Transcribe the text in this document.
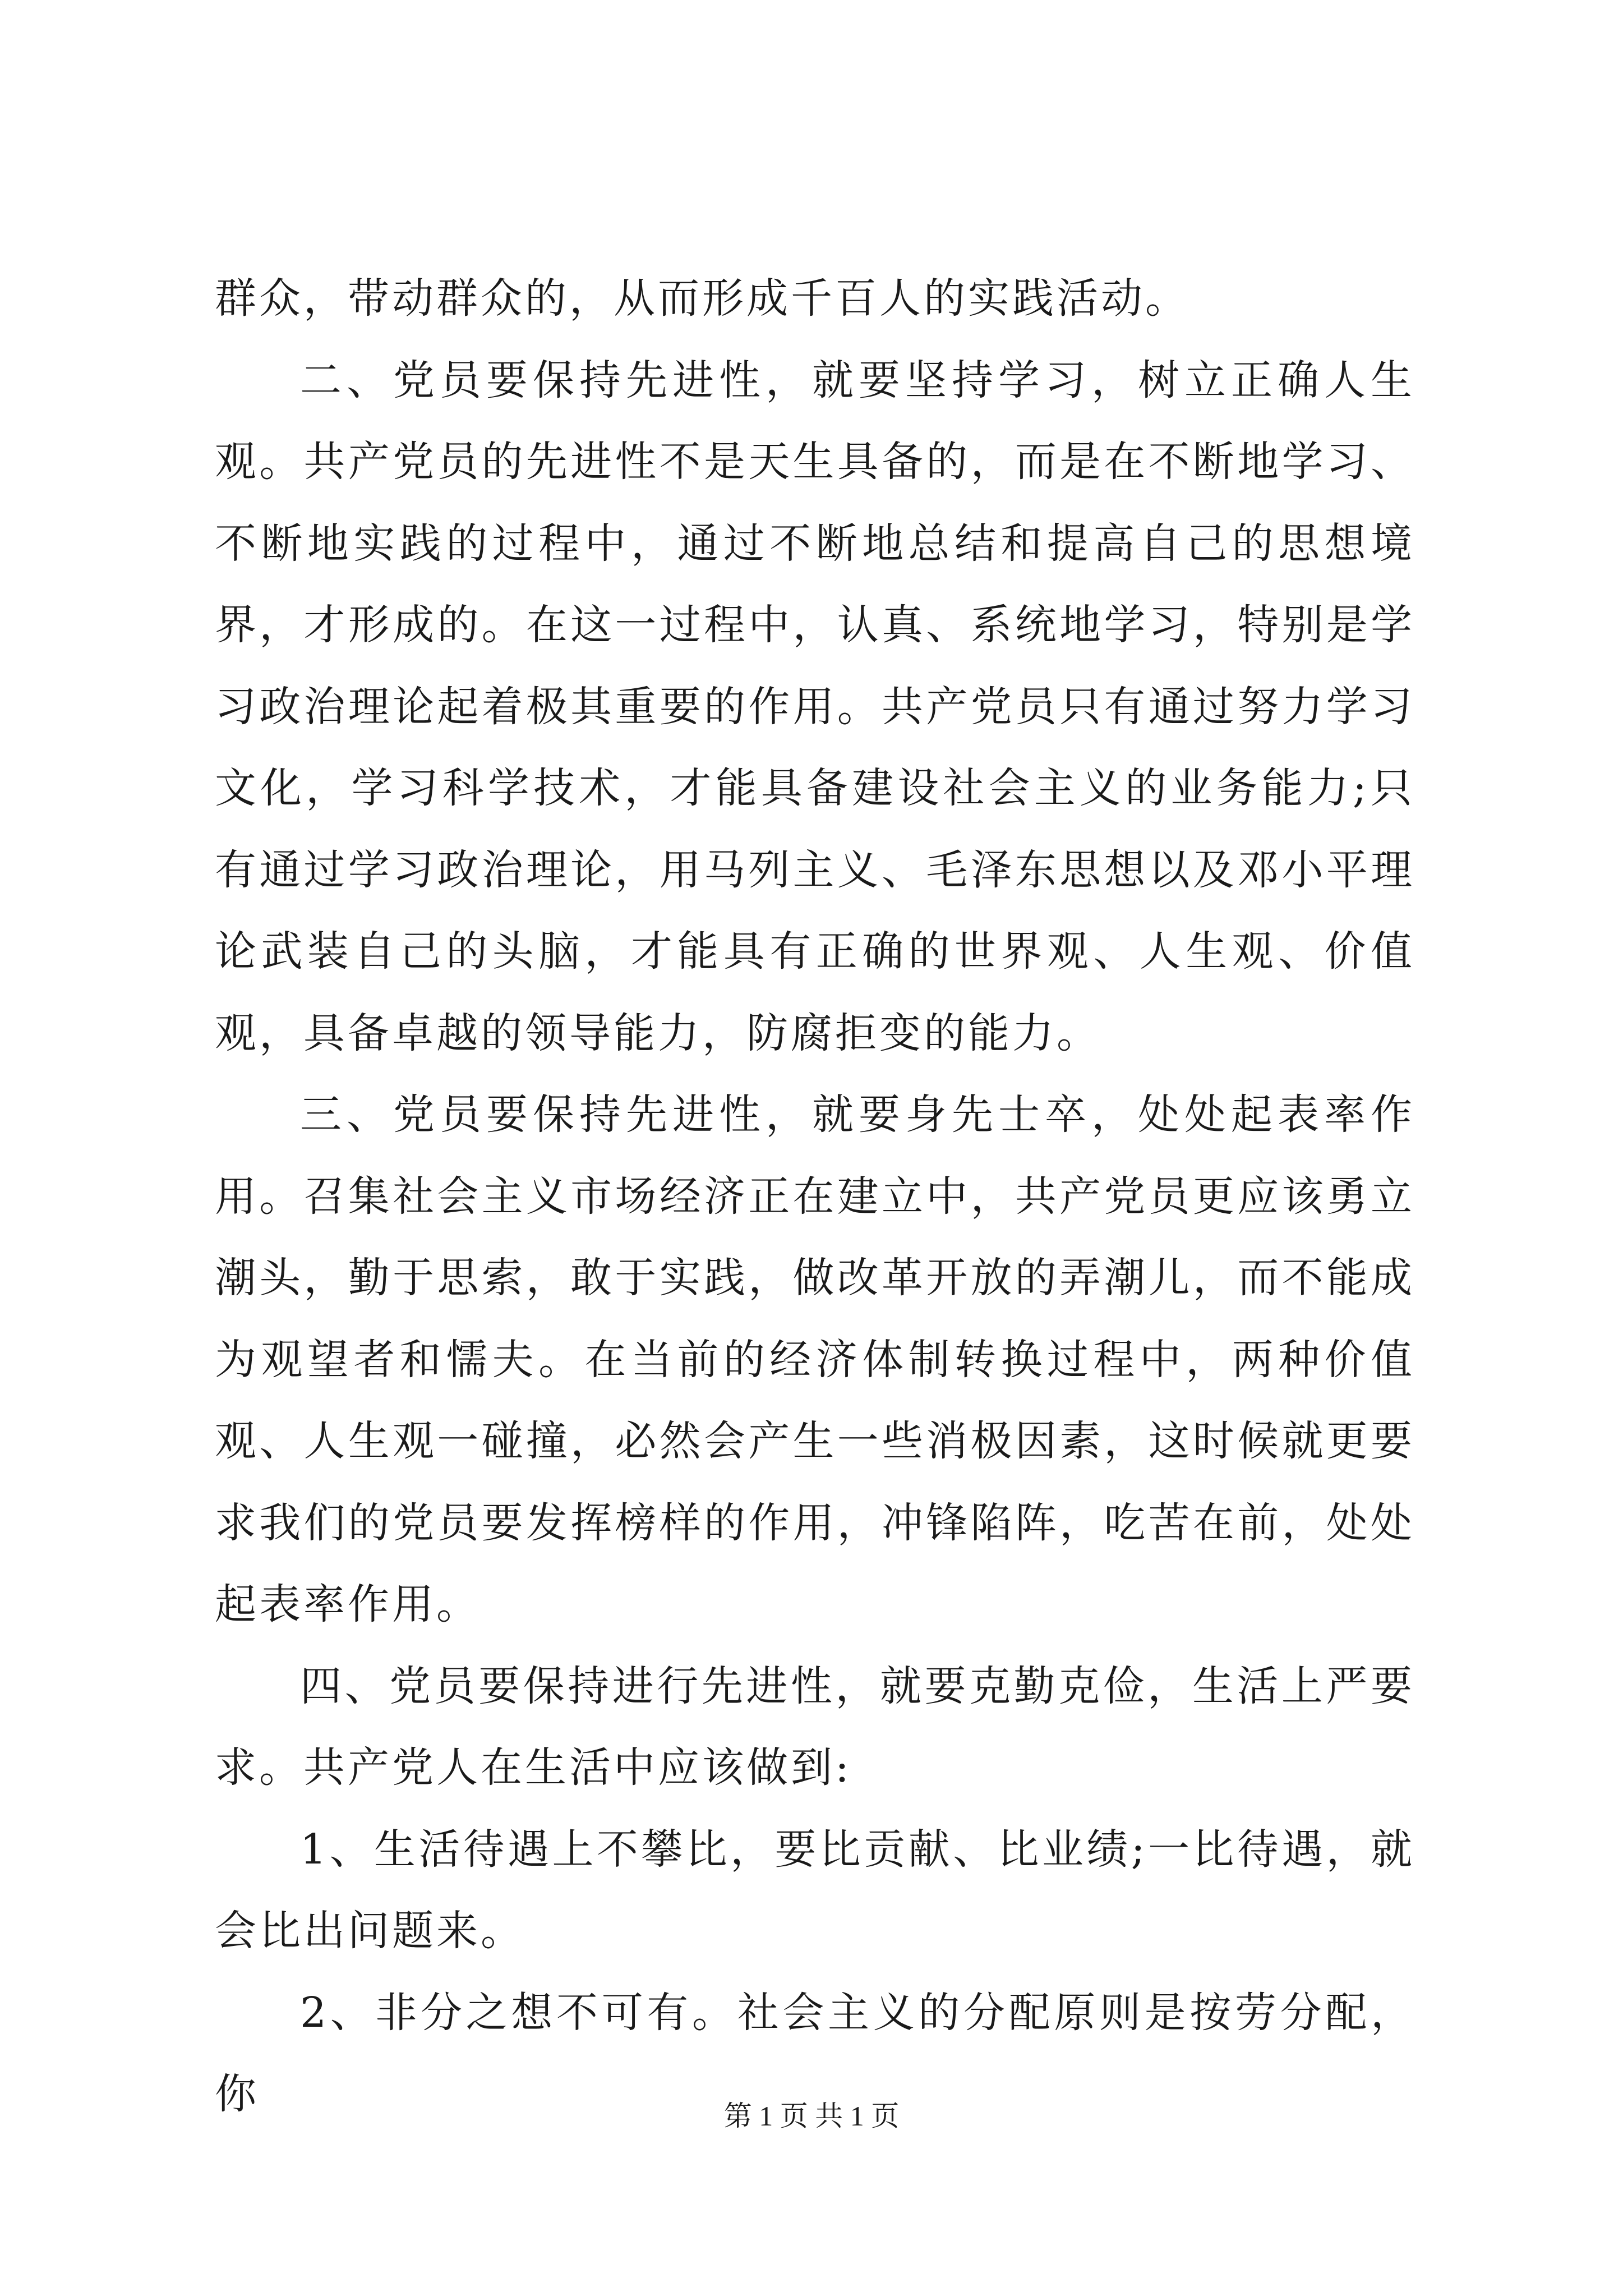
群众，带动群众的，从而形成千百人的实践活动。

二、党员要保持先进性，就要坚持学习，树立正确人生观。共产党员的先进性不是天生具备的，而是在不断地学习、不断地实践的过程中，通过不断地总结和提高自己的思想境界，才形成的。在这一过程中，认真、系统地学习，特别是学习政治理论起着极其重要的作用。共产党员只有通过努力学习文化，学习科学技术，才能具备建设社会主义的业务能力;只有通过学习政治理论，用马列主义、毛泽东思想以及邓小平理论武装自己的头脑，才能具有正确的世界观、人生观、价值观，具备卓越的领导能力，防腐拒变的能力。

三、党员要保持先进性，就要身先士卒，处处起表率作用。召集社会主义市场经济正在建立中，共产党员更应该勇立潮头，勤于思索，敢于实践，做改革开放的弄潮儿，而不能成为观望者和懦夫。在当前的经济体制转换过程中，两种价值观、人生观一碰撞，必然会产生一些消极因素，这时候就更要求我们的党员要发挥榜样的作用，冲锋陷阵，吃苦在前，处处起表率作用。

四、党员要保持进行先进性，就要克勤克俭，生活上严要求。共产党人在生活中应该做到:

1、生活待遇上不攀比，要比贡献、比业绩;一比待遇，就会比出问题来。

2、非分之想不可有。社会主义的分配原则是按劳分配，你	第 1 页 共 1 页
